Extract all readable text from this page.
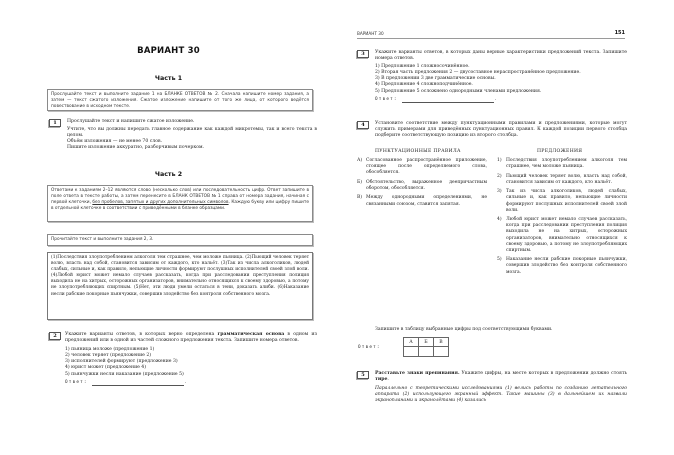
ВАРИАНТ 30
Часть 1
Прослушайте текст и выполните задание 1 на БЛАНКЕ ОТВЕТОВ № 2. Сначала напишите номер задания, а затем — текст сжатого изложения. Сжатое изложение напишите от того же лица, от которого ведётся повествование в исходном тексте.
1	Прослушайте текст и напишите сжатое изложение.

Учтите, что вы должны передать главное содержание как каждой микротемы, так и всего текста в целом.

Объём изложения — не менее 70 слов.

Пишите изложение аккуратно, разборчивым почерком.

Часть 2
Ответами к заданиям 2–12 являются слово (несколько слов) или последовательность цифр. Ответ запишите в поле ответа в тексте работы, а затем перенесите в БЛАНК ОТВЕТОВ № 1 справа от номера задания, начиная с первой клеточки, без пробелов, запятых и других дополнительных символов. Каждую букву или цифру пишите в отдельной клеточке в соответствии с приведёнными в бланке образцами.
Прочитайте текст и выполните задания 2, 3.
(1)Последствия злоупотреблением алкоголя тем страшнее, чем моложе пьяница. (2)Пьющий человек теряет волю, власть над собой, становится зависим от каждого, кто нальёт. (3)Так из числа алкоголиков, людей слабых, сильные и, как правило, непьющие личности формируют послушных исполнителей своей злой воли. (4)Любой юрист может немало случаев рассказать, когда при расследовании преступления полиция выходила не на хитрых, осторожных организаторов, внимательно относящихся к своему здоровью, а потому не злоупотребляющих спиртным. (5)Нет, эти люди умели остаться в тени, доказать алиби. (6)Наказание несли рабские покорные пьянчужки, совершив злодейство без контроля собственного мозга.
2	Укажите варианты ответов, в которых верно определена грамматическая основа в одном из предложений или в одной из частей сложного предложения текста. Запишите номера ответов.

1) пьяница моложе (предложение 1)

2) человек теряет (предложение 2)

3) исполнителей формируют (предложение 3)

4) юрист может (предложение 4)

5) пьянчужки несли наказание (предложение 5)

Ответ:	.
ВАРИАНТ 30	151
3	Укажите варианты ответов, в которых даны верные характеристики предложений текста. Запишите номера ответов.

1) Предложение 1 сложносочинённое.

2) Вторая часть предложения 2 — двусоставное нераспространённое предложение.

3) В предложении 3 две грамматические основы.

4) Предложение 4 сложноподчинённое.

5) Предложение 5 осложнено однородными членами предложения.

Ответ:	.
4	Установите соответствие между пунктуационными правилами и предложениями, которые могут служить примерами для приведённых пунктуационных правил. К каждой позиции первого столбца подберите соответствующую позицию из второго столбца.
ПУНКТУАЦИОННЫЕ ПРАВИЛА	ПРЕДЛОЖЕНИЯ
А) Согласованное распространённое приложение, стоящее после определяемого слова, обособляется.
Б) Обстоятельство, выраженное деепричастным оборотом, обособляется.
В) Между однородными определениями, не связанными союзом, ставится запятая.
1) Последствия злоупотреблением алкоголя тем страшнее, чем моложе пьяница.
2) Пьющий человек теряет волю, власть над собой, становится зависим от каждого, кто нальёт.
3) Так из числа алкоголиков, людей слабых, сильные и, как правило, непьющие личности формируют послушных исполнителей своей злой воли.
4) Любой юрист может немало случаев рассказать, когда при расследовании преступления полиция выходила не на хитрых, осторожных организаторов, внимательно относящихся к своему здоровью, а потому не злоупотребляющих спиртным.
5) Наказание несли рабские покорные пьянчужки, совершив злодейство без контроля собственного мозга.
Запишите в таблицу выбранные цифры под соответствующими буквами.
Ответ:
А	Б	В

5	Расставьте знаки препинания. Укажите цифры, на месте которых в предложении должно стоять тире.

Параллельно с теоретическими исследованиями (1) велись работы по созданию летательного аппарата (2) использующего экранный эффект. Такие машины (3) в дальнейшем их назвали экранопланами и экранолётами (4) казались
